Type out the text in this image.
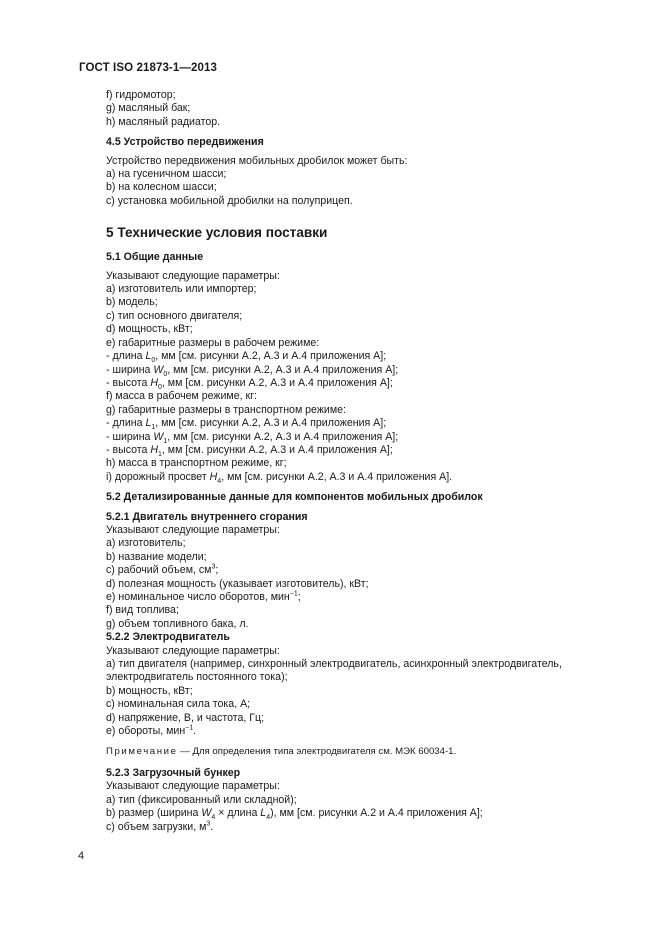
ГОСТ ISO 21873-1—2013
f) гидромотор;
g) масляный бак;
h) масляный радиатор.
4.5 Устройство передвижения
Устройство передвижения мобильных дробилок может быть:
a) на гусеничном шасси;
b) на колесном шасси;
c) установка мобильной дробилки на полуприцеп.
5 Технические условия поставки
5.1 Общие данные
Указывают следующие параметры:
a) изготовитель или импортер;
b) модель;
c) тип основного двигателя;
d) мощность, кВт;
e) габаритные размеры в рабочем режиме:
- длина $L_0$, мм [см. рисунки А.2, А.3 и А.4 приложения А];
- ширина $W_0$, мм [см. рисунки А.2, А.3 и А.4 приложения А];
- высота $H_0$, мм [см. рисунки А.2, А.3 и А.4 приложения А];
f) масса в рабочем режиме, кг:
g) габаритные размеры в транспортном режиме:
- длина $L_1$, мм [см. рисунки А.2, А.3 и А.4 приложения А];
- ширина $W_1$, мм [см. рисунки А.2, А.3 и А.4 приложения А];
- высота $H_1$, мм [см. рисунки А.2, А.3 и А.4 приложения А];
h) масса в транспортном режиме, кг;
i) дорожный просвет $H_4$, мм [см. рисунки А.2, А.3 и А.4 приложения А].
5.2 Детализированные данные для компонентов мобильных дробилок
5.2.1 Двигатель внутреннего сгорания
Указывают следующие параметры:
a) изготовитель;
b) название модели;
c) рабочий объем, $см^3$;
d) полезная мощность (указывает изготовитель), кВт;
e) номинальное число оборотов, мин$^{-1}$;
f) вид топлива;
g) объем топливного бака, л.
5.2.2 Электродвигатель
Указывают следующие параметры:
a) тип двигателя (например, синхронный электродвигатель, асинхронный электродвигатель, электродвигатель постоянного тока);
b) мощность, кВт;
c) номинальная сила тока, А;
d) напряжение, В, и частота, Гц;
e) обороты, мин$^{-1}$.
Примечание — Для определения типа электродвигателя см. МЭК 60034-1.
5.2.3 Загрузочный бункер
Указывают следующие параметры:
a) тип (фиксированный или складной);
b) размер (ширина $W_4$ × длина $L_4$), мм [см. рисунки А.2 и А.4 приложения А];
c) объем загрузки, $м^3$.
4
